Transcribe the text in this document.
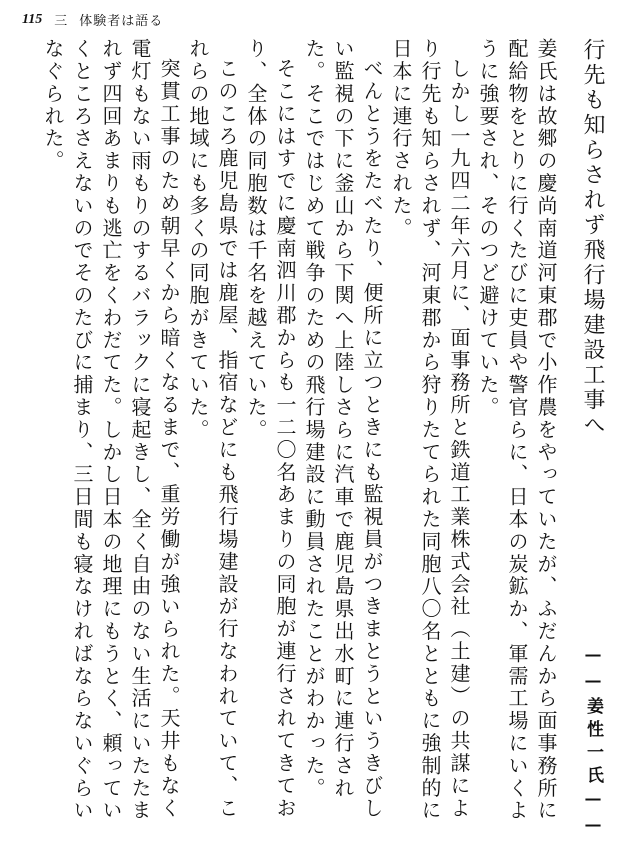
115 三 体験者は語る

行先も知らされず飛行場建設工事へ
——姜性一氏——

姜氏は故郷の慶尚南道河東郡で小作農をやっていたが、ふだんから面事務所に配給物をとりに行くたびに吏員や警官らに、日本の炭鉱か、軍需工場にいくように強要され、そのつど避けていた。

しかし一九四二年六月に、面事務所と鉄道工業株式会社（土建）の共謀により行先も知らされず、河東郡から狩りたてられた同胞八〇名とともに強制的に日本に連行された。

べんとうをたべたり、便所に立つときにも監視員がつきまとうというきびしい監視の下に釜山から下関へ上陸しさらに汽車で鹿児島県出水町に連行された。そこではじめて戦争のための飛行場建設に動員されたことがわかった。

そこにはすでに慶南泗川郡からも一二〇名あまりの同胞が連行されてきており、全体の同胞数は千名を越えていた。

このころ鹿児島県では鹿屋、指宿などにも飛行場建設が行なわれていて、これらの地域にも多くの同胞がきていた。

突貫工事のため朝早くから暗くなるまで、重労働が強いられた。天井もなく電灯もない雨もりのするバラックに寝起きし、全く自由のない生活にいたたまれず四回あまりも逃亡をくわだてた。しかし日本の地理にもうとく、頼っていくところさえないのでそのたびに捕まり、三日間も寝なければならないぐらいなぐられた。
